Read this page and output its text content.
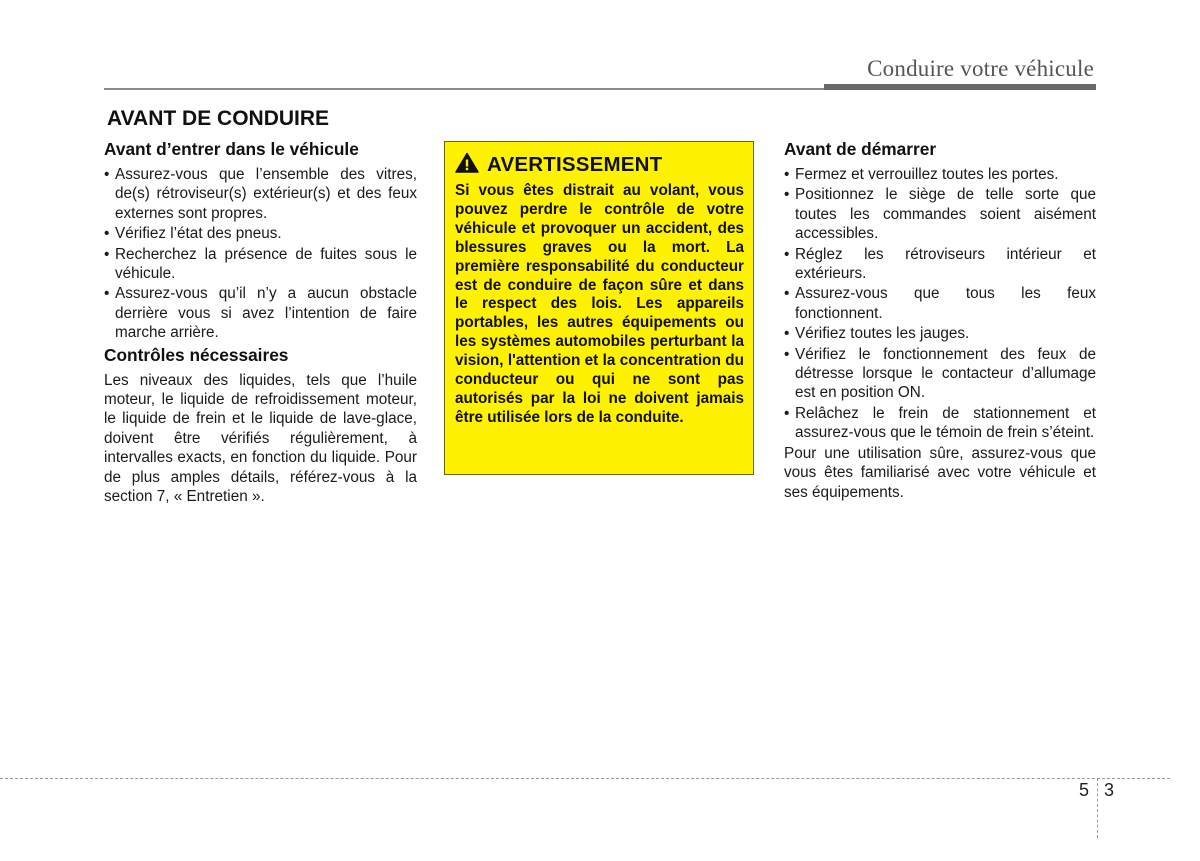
Conduire votre véhicule
AVANT DE CONDUIRE
Avant d’entrer dans le véhicule
• Assurez-vous que l’ensemble des vitres, de(s) rétroviseur(s) extérieur(s) et des feux externes sont propres.
• Vérifiez l’état des pneus.
• Recherchez la présence de fuites sous le véhicule.
• Assurez-vous qu’il n’y a aucun obstacle derrière vous si avez l’intention de faire marche arrière.
Contrôles nécessaires

Les niveaux des liquides, tels que l’huile moteur, le liquide de refroidissement moteur, le liquide de frein et le liquide de lave-glace, doivent être vérifiés régulièrement, à intervalles exacts, en fonction du liquide. Pour de plus amples détails, référez-vous à la section 7, « Entretien ».

AVERTISSEMENT

Si vous êtes distrait au volant, vous pouvez perdre le contrôle de votre véhicule et provoquer un accident, des blessures graves ou la mort. La première responsabilité du conducteur est de conduire de façon sûre et dans le respect des lois. Les appareils portables, les autres équipements ou les systèmes automobiles perturbant la vision, l'attention et la concentration du conducteur ou qui ne sont pas autorisés par la loi ne doivent jamais être utilisée lors de la conduite.

Avant de démarrer
• Fermez et verrouillez toutes les portes.
• Positionnez le siège de telle sorte que toutes les commandes soient aisément accessibles.
• Réglez les rétroviseurs intérieur et extérieurs.
• Assurez-vous que tous les feux fonctionnent.
• Vérifiez toutes les jauges.
• Vérifiez le fonctionnement des feux de détresse lorsque le contacteur d’allumage est en position ON.
• Relâchez le frein de stationnement et assurez-vous que le témoin de frein s’éteint.

Pour une utilisation sûre, assurez-vous que vous êtes familiarisé avec votre véhicule et ses équipements.

5 3
